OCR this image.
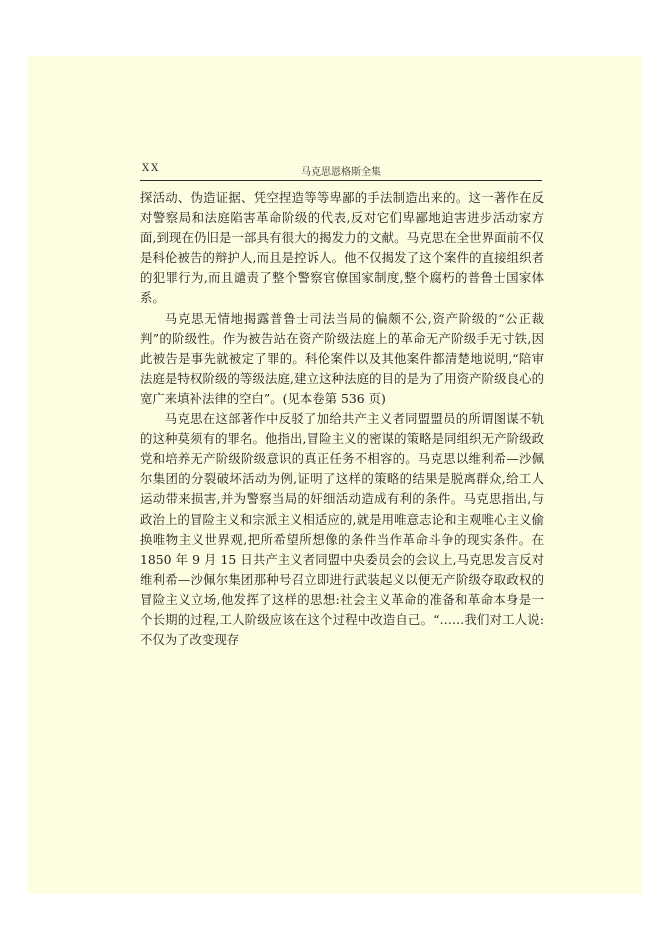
XX	马克思恩格斯全集

探活动、伪造证据、凭空捏造等等卑鄙的手法制造出来的。这一著作在反对警察局和法庭陷害革命阶级的代表,反对它们卑鄙地迫害进步活动家方面,到现在仍旧是一部具有很大的揭发力的文献。马克思在全世界面前不仅是科伦被告的辩护人,而且是控诉人。他不仅揭发了这个案件的直接组织者的犯罪行为,而且谴责了整个警察官僚国家制度,整个腐朽的普鲁士国家体系。

马克思无情地揭露普鲁士司法当局的偏颇不公,资产阶级的“公正裁判”的阶级性。作为被告站在资产阶级法庭上的革命无产阶级手无寸铁,因此被告是事先就被定了罪的。科伦案件以及其他案件都清楚地说明,“陪审法庭是特权阶级的等级法庭,建立这种法庭的目的是为了用资产阶级良心的宽广来填补法律的空白”。(见本卷第 536 页)

马克思在这部著作中反驳了加给共产主义者同盟盟员的所谓图谋不轨的这种莫须有的罪名。他指出,冒险主义的密谋的策略是同组织无产阶级政党和培养无产阶级阶级意识的真正任务不相容的。马克思以维利希—沙佩尔集团的分裂破坏活动为例,证明了这样的策略的结果是脱离群众,给工人运动带来损害,并为警察当局的奸细活动造成有利的条件。马克思指出,与政治上的冒险主义和宗派主义相适应的,就是用唯意志论和主观唯心主义偷换唯物主义世界观,把所希望所想像的条件当作革命斗争的现实条件。在 1850 年 9 月 15 日共产主义者同盟中央委员会的会议上,马克思发言反对维利希—沙佩尔集团那种号召立即进行武装起义以便无产阶级夺取政权的冒险主义立场,他发挥了这样的思想:社会主义革命的准备和革命本身是一个长期的过程,工人阶级应该在这个过程中改造自己。“……我们对工人说:不仅为了改变现存
